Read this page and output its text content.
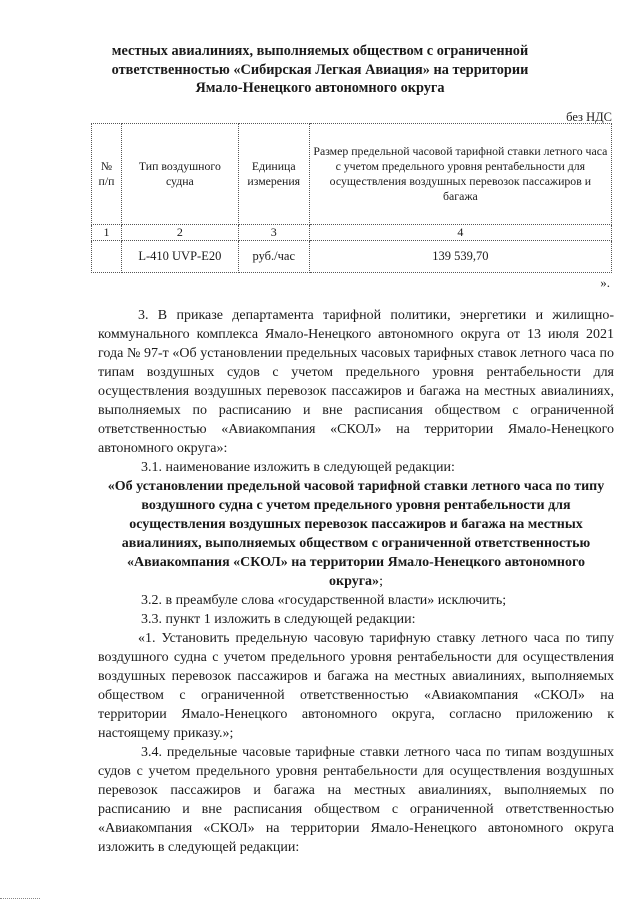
местных авиалиниях, выполняемых обществом с ограниченной
ответственностью «Сибирская Легкая Авиация» на территории
Ямало-Ненецкого автономного округа
без НДС
№ п/п	Тип воздушного судна	Единица измерения	Размер предельной часовой тарифной ставки летного часа с учетом предельного уровня рентабельности для осуществления воздушных перевозок пассажиров и багажа
1	2	3	4
	L-410 UVP-E20	руб./час	139 539,70
».

3. В приказе департамента тарифной политики, энергетики и жилищно-коммунального комплекса Ямало-Ненецкого автономного округа от 13 июля 2021 года № 97-т «Об установлении предельных часовых тарифных ставок летного часа по типам воздушных судов с учетом предельного уровня рентабельности для осуществления воздушных перевозок пассажиров и багажа на местных авиалиниях, выполняемых по расписанию и вне расписания обществом с ограниченной ответственностью «Авиакомпания «СКОЛ» на территории Ямало-Ненецкого автономного округа»:

3.1. наименование изложить в следующей редакции:

«Об установлении предельной часовой тарифной ставки летного часа по типу воздушного судна с учетом предельного уровня рентабельности для осуществления воздушных перевозок пассажиров и багажа на местных авиалиниях, выполняемых обществом с ограниченной ответственностью «Авиакомпания «СКОЛ» на территории Ямало-Ненецкого автономного округа»;

3.2. в преамбуле слова «государственной власти» исключить;

3.3. пункт 1 изложить в следующей редакции:

«1. Установить предельную часовую тарифную ставку летного часа по типу воздушного судна с учетом предельного уровня рентабельности для осуществления воздушных перевозок пассажиров и багажа на местных авиалиниях, выполняемых обществом с ограниченной ответственностью «Авиакомпания «СКОЛ» на территории Ямало-Ненецкого автономного округа, согласно приложению к настоящему приказу.»;

3.4. предельные часовые тарифные ставки летного часа по типам воздушных судов с учетом предельного уровня рентабельности для осуществления воздушных перевозок пассажиров и багажа на местных авиалиниях, выполняемых по расписанию и вне расписания обществом с ограниченной ответственностью «Авиакомпания «СКОЛ» на территории Ямало-Ненецкого автономного округа изложить в следующей редакции:
